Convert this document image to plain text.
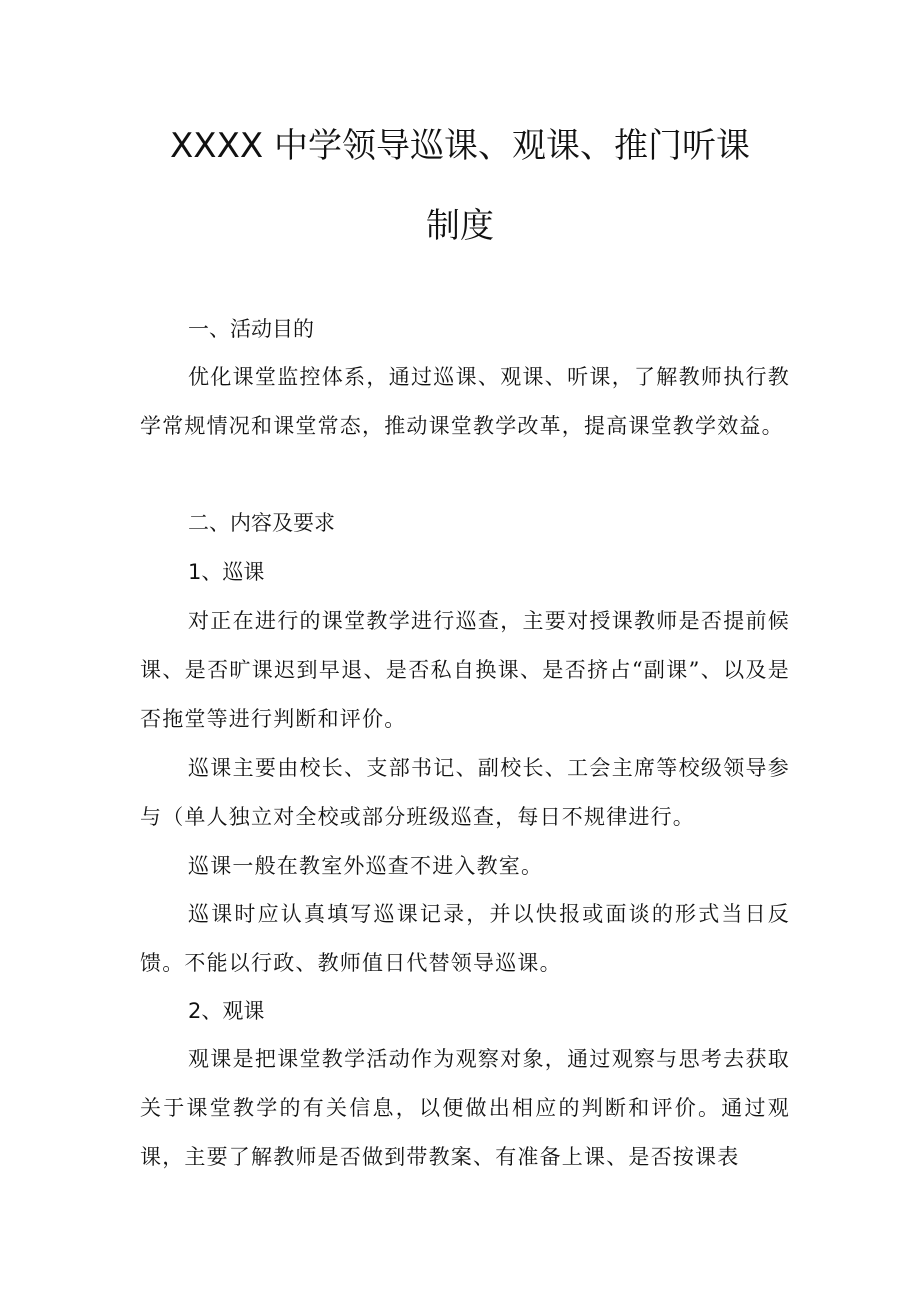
XXXX 中学领导巡课、观课、推门听课
制度
一、活动目的

优化课堂监控体系，通过巡课、观课、听课，了解教师执行教学常规情况和课堂常态，推动课堂教学改革，提高课堂教学效益。

二、内容及要求
1、巡课

对正在进行的课堂教学进行巡查，主要对授课教师是否提前候课、是否旷课迟到早退、是否私自换课、是否挤占“副课”、以及是否拖堂等进行判断和评价。

巡课主要由校长、支部书记、副校长、工会主席等校级领导参与（单人独立对全校或部分班级巡查，每日不规律进行。

巡课一般在教室外巡查不进入教室。

巡课时应认真填写巡课记录，并以快报或面谈的形式当日反馈。不能以行政、教师值日代替领导巡课。

2、观课

观课是把课堂教学活动作为观察对象，通过观察与思考去获取关于课堂教学的有关信息，以便做出相应的判断和评价。通过观课，主要了解教师是否做到带教案、有准备上课、是否按课表
